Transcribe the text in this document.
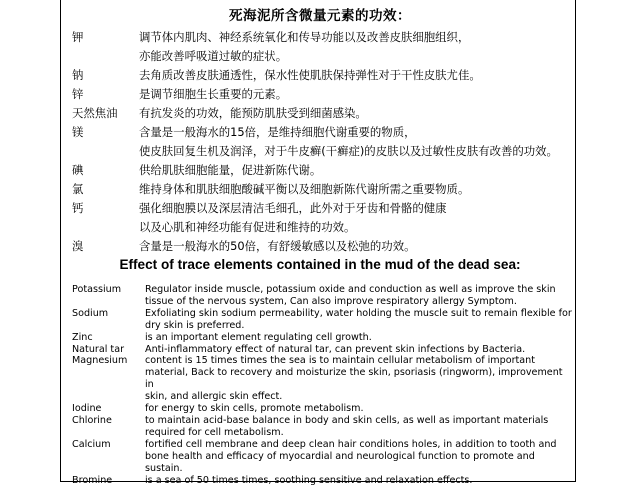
死海泥所含微量元素的功效：
钾	调节体内肌肉、神经系统氧化和传导功能以及改善皮肤细胞组织，
亦能改善呼吸道过敏的症状。
钠	去角质改善皮肤通透性，保水性使肌肤保持弹性对于干性皮肤尤佳。
锌	是调节细胞生长重要的元素。
天然焦油	有抗发炎的功效，能预防肌肤受到细菌感染。
镁	含量是一般海水的15倍，是维持细胞代谢重要的物质，
使皮肤回复生机及润泽，对于牛皮癣(干癣症)的皮肤以及过敏性皮肤有改善的功效。
碘	供给肌肤细胞能量，促进新陈代谢。
氯	维持身体和肌肤细胞酸碱平衡以及细胞新陈代谢所需之重要物质。
钙	强化细胞膜以及深层清洁毛细孔，此外对于牙齿和骨骼的健康
以及心肌和神经功能有促进和维持的功效。
溴	含量是一般海水的50倍，有舒缓敏感以及松弛的功效。
Effect of trace elements contained in the mud of the dead sea:
Potassium	Regulator inside muscle, potassium oxide and conduction as well as improve the skin
tissue of the nervous system, Can also improve respiratory allergy Symptom.
Sodium	Exfoliating skin sodium permeability, water holding the muscle suit to remain flexible for
dry skin is preferred.
Zinc	is an important element regulating cell growth.
Natural tar	Anti-inflammatory effect of natural tar, can prevent skin infections by Bacteria.
Magnesium	content is 15 times times the sea is to maintain cellular metabolism of important
material, Back to recovery and moisturize the skin, psoriasis (ringworm), improvement in
skin, and allergic skin effect.
Iodine	for energy to skin cells, promote metabolism.
Chlorine	to maintain acid-base balance in body and skin cells, as well as important materials
required for cell metabolism.
Calcium	fortified cell membrane and deep clean hair conditions holes, in addition to tooth and
bone health and efficacy of myocardial and neurological function to promote and
sustain.
Bromine	is a sea of 50 times times, soothing sensitive and relaxation effects.
